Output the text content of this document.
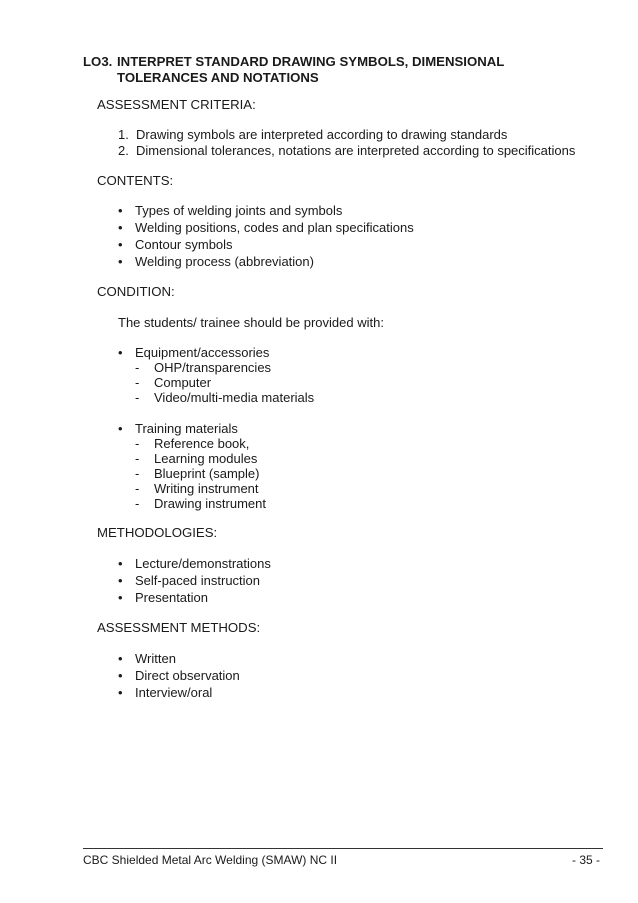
LO3. INTERPRET STANDARD DRAWING SYMBOLS, DIMENSIONAL TOLERANCES AND NOTATIONS
ASSESSMENT CRITERIA:
1. Drawing symbols are interpreted according to drawing standards
2. Dimensional tolerances, notations are interpreted according to specifications
CONTENTS:
• Types of welding joints and symbols
• Welding positions, codes and plan specifications
• Contour symbols
• Welding process (abbreviation)
CONDITION:
The students/ trainee should be provided with:
• Equipment/accessories
- OHP/transparencies
- Computer
- Video/multi-media materials
• Training materials
- Reference book,
- Learning modules
- Blueprint (sample)
- Writing instrument
- Drawing instrument
METHODOLOGIES:
• Lecture/demonstrations
• Self-paced instruction
• Presentation
ASSESSMENT METHODS:
• Written
• Direct observation
• Interview/oral
CBC Shielded Metal Arc Welding (SMAW) NC II	- 35 -
